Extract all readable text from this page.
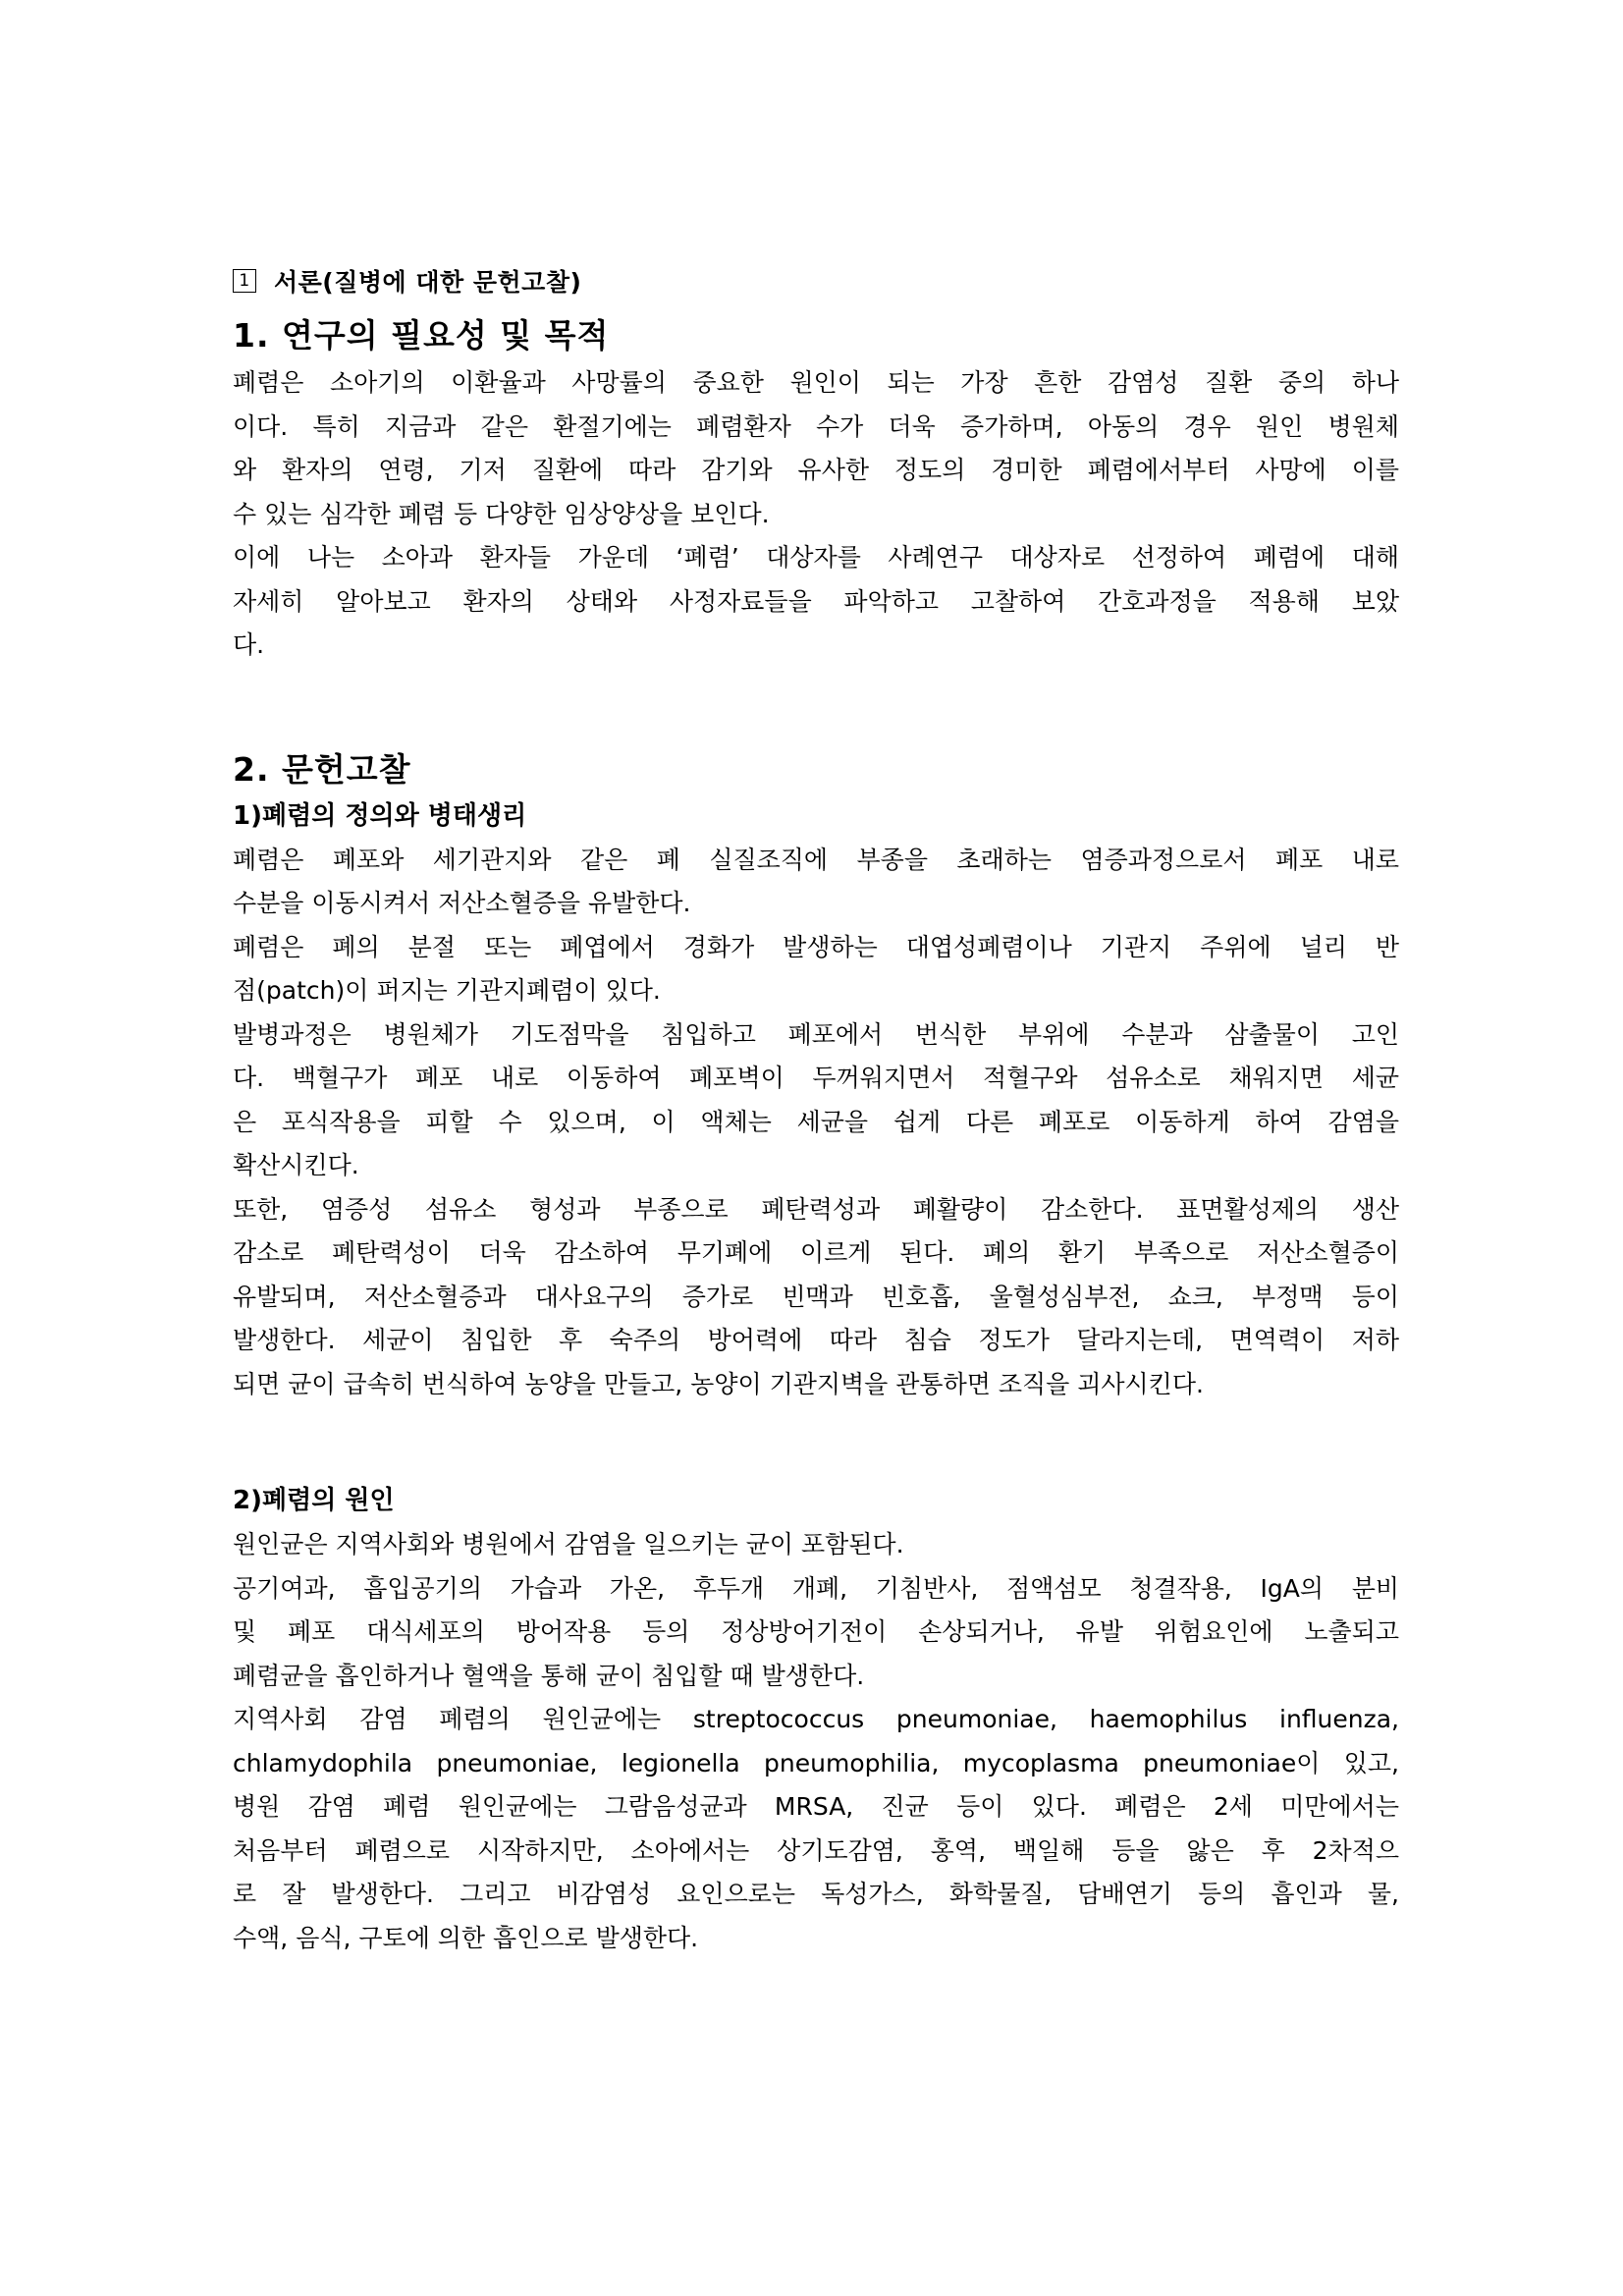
1 서론(질병에 대한 문헌고찰)
1. 연구의 필요성 및 목적

폐렴은 소아기의 이환율과 사망률의 중요한 원인이 되는 가장 흔한 감염성 질환 중의 하나
이다. 특히 지금과 같은 환절기에는 폐렴환자 수가 더욱 증가하며, 아동의 경우 원인 병원체
와 환자의 연령, 기저 질환에 따라 감기와 유사한 정도의 경미한 폐렴에서부터 사망에 이를
수 있는 심각한 폐렴 등 다양한 임상양상을 보인다.

이에 나는 소아과 환자들 가운데 ‘폐렴’ 대상자를 사례연구 대상자로 선정하여 폐렴에 대해
자세히 알아보고 환자의 상태와 사정자료들을 파악하고 고찰하여 간호과정을 적용해 보았
다.

2. 문헌고찰
1)폐렴의 정의와 병태생리

폐렴은 폐포와 세기관지와 같은 폐 실질조직에 부종을 초래하는 염증과정으로서 폐포 내로
수분을 이동시켜서 저산소혈증을 유발한다.

폐렴은 폐의 분절 또는 폐엽에서 경화가 발생하는 대엽성폐렴이나 기관지 주위에 널리 반
점(patch)이 퍼지는 기관지폐렴이 있다.

발병과정은 병원체가 기도점막을 침입하고 폐포에서 번식한 부위에 수분과 삼출물이 고인
다. 백혈구가 폐포 내로 이동하여 폐포벽이 두꺼워지면서 적혈구와 섬유소로 채워지면 세균
은 포식작용을 피할 수 있으며, 이 액체는 세균을 쉽게 다른 폐포로 이동하게 하여 감염을
확산시킨다.

또한, 염증성 섬유소 형성과 부종으로 폐탄력성과 폐활량이 감소한다. 표면활성제의 생산
감소로 폐탄력성이 더욱 감소하여 무기폐에 이르게 된다. 폐의 환기 부족으로 저산소혈증이
유발되며, 저산소혈증과 대사요구의 증가로 빈맥과 빈호흡, 울혈성심부전, 쇼크, 부정맥 등이
발생한다. 세균이 침입한 후 숙주의 방어력에 따라 침습 정도가 달라지는데, 면역력이 저하
되면 균이 급속히 번식하여 농양을 만들고, 농양이 기관지벽을 관통하면 조직을 괴사시킨다.

2)폐렴의 원인

원인균은 지역사회와 병원에서 감염을 일으키는 균이 포함된다.

공기여과, 흡입공기의 가습과 가온, 후두개 개폐, 기침반사, 점액섬모 청결작용, IgA의 분비
및 폐포 대식세포의 방어작용 등의 정상방어기전이 손상되거나, 유발 위험요인에 노출되고
폐렴균을 흡인하거나 혈액을 통해 균이 침입할 때 발생한다.

지역사회 감염 폐렴의 원인균에는 streptococcus pneumoniae, haemophilus influenza,
chlamydophila pneumoniae, legionella pneumophilia, mycoplasma pneumoniae이 있고,
병원 감염 폐렴 원인균에는 그람음성균과 MRSA, 진균 등이 있다. 폐렴은 2세 미만에서는
처음부터 폐렴으로 시작하지만, 소아에서는 상기도감염, 홍역, 백일해 등을 앓은 후 2차적으
로 잘 발생한다. 그리고 비감염성 요인으로는 독성가스, 화학물질, 담배연기 등의 흡인과 물,
수액, 음식, 구토에 의한 흡인으로 발생한다.
